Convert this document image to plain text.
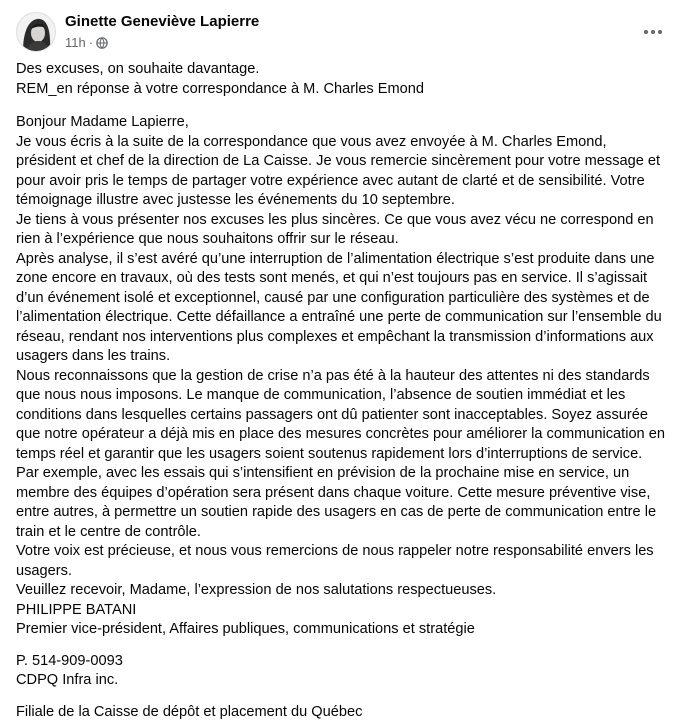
Ginette Geneviève Lapierre
11h ·

Des excuses, on souhaite davantage.

REM_en réponse à votre correspondance à M. Charles Emond

Bonjour Madame Lapierre,

Je vous écris à la suite de la correspondance que vous avez envoyée à M. Charles Emond, président et chef de la direction de La Caisse. Je vous remercie sincèrement pour votre message et pour avoir pris le temps de partager votre expérience avec autant de clarté et de sensibilité. Votre témoignage illustre avec justesse les événements du 10 septembre.

Je tiens à vous présenter nos excuses les plus sincères. Ce que vous avez vécu ne correspond en rien à l’expérience que nous souhaitons offrir sur le réseau.

Après analyse, il s’est avéré qu’une interruption de l’alimentation électrique s’est produite dans une zone encore en travaux, où des tests sont menés, et qui n’est toujours pas en service. Il s’agissait d’un événement isolé et exceptionnel, causé par une configuration particulière des systèmes et de l’alimentation électrique. Cette défaillance a entraîné une perte de communication sur l’ensemble du réseau, rendant nos interventions plus complexes et empêchant la transmission d’informations aux usagers dans les trains.

Nous reconnaissons que la gestion de crise n’a pas été à la hauteur des attentes ni des standards que nous nous imposons. Le manque de communication, l’absence de soutien immédiat et les conditions dans lesquelles certains passagers ont dû patienter sont inacceptables. Soyez assurée que notre opérateur a déjà mis en place des mesures concrètes pour améliorer la communication en temps réel et garantir que les usagers soient soutenus rapidement lors d’interruptions de service. Par exemple, avec les essais qui s’intensifient en prévision de la prochaine mise en service, un membre des équipes d’opération sera présent dans chaque voiture. Cette mesure préventive vise, entre autres, à permettre un soutien rapide des usagers en cas de perte de communication entre le train et le centre de contrôle.

Votre voix est précieuse, et nous vous remercions de nous rappeler notre responsabilité envers les usagers.

Veuillez recevoir, Madame, l’expression de nos salutations respectueuses.

PHILIPPE BATANI

Premier vice-président, Affaires publiques, communications et stratégie

P. 514-909-0093

CDPQ Infra inc.

Filiale de la Caisse de dépôt et placement du Québec
